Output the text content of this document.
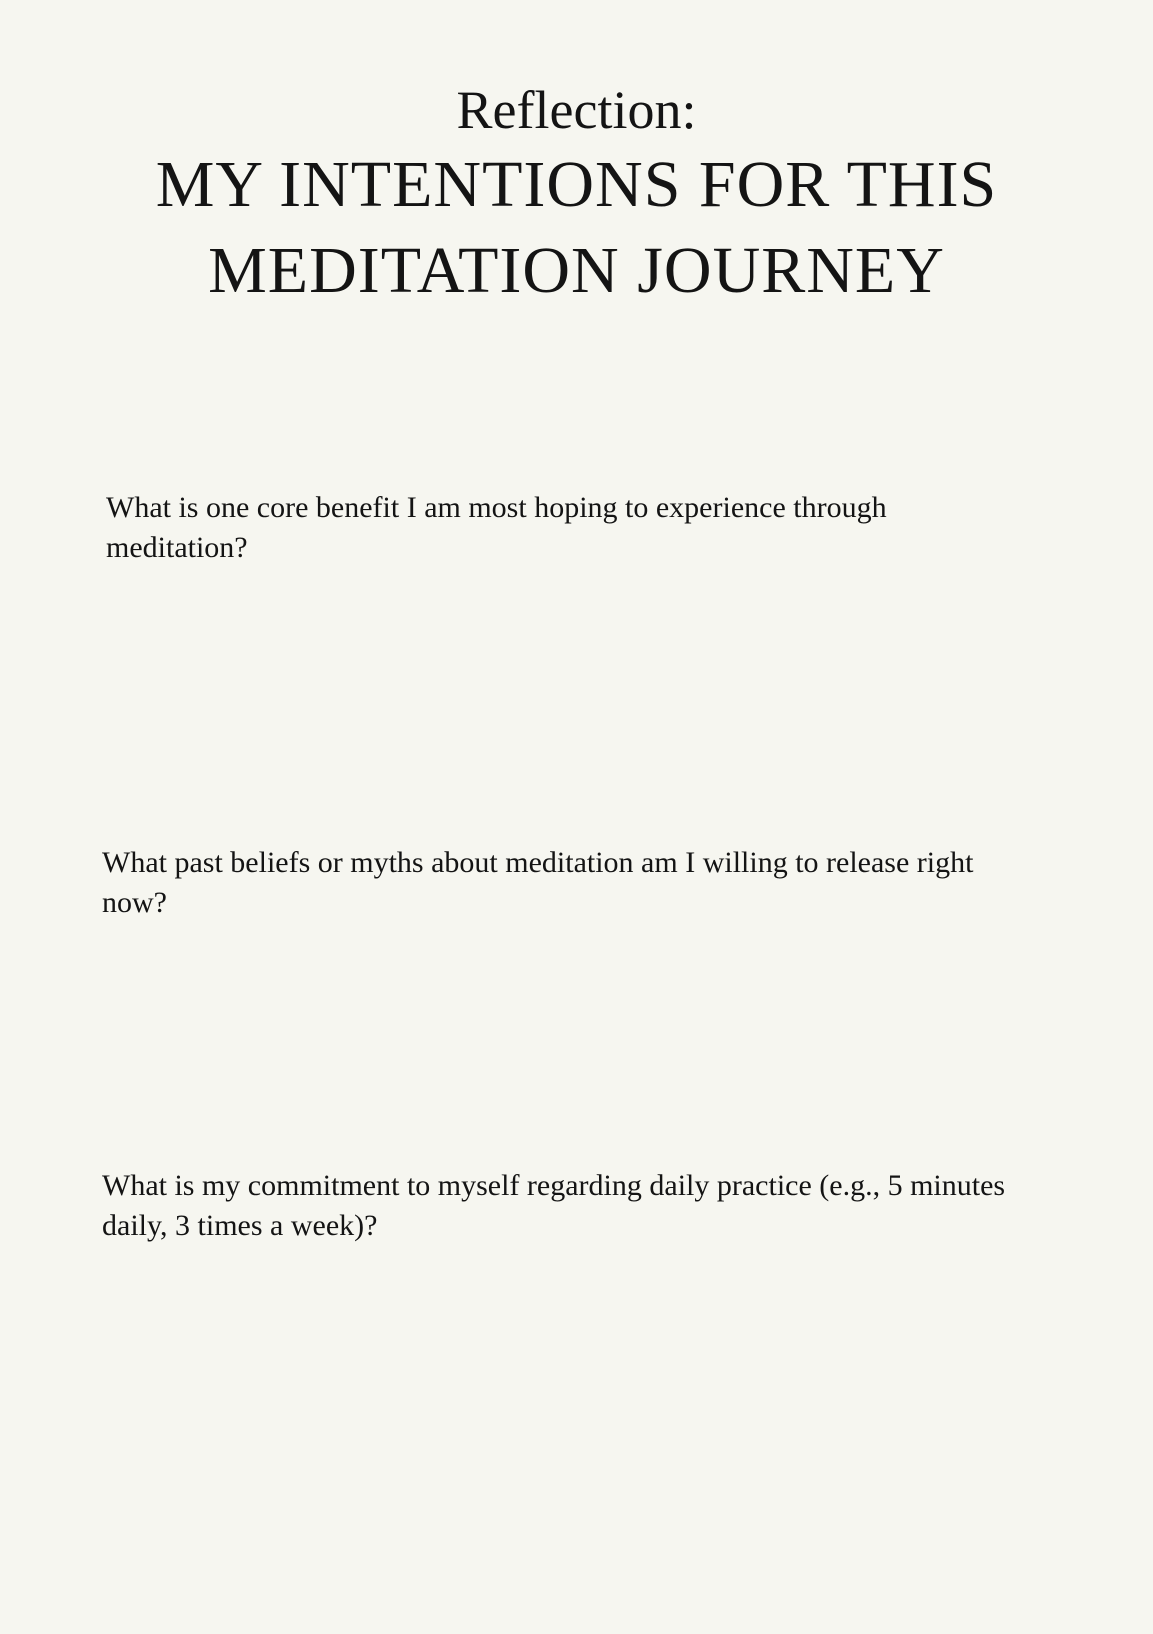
Reflection:

MY INTENTIONS FOR THIS
MEDITATION JOURNEY

What is one core benefit I am most hoping to experience through meditation?

What past beliefs or myths about meditation am I willing to release right now?

What is my commitment to myself regarding daily practice (e.g., 5 minutes daily, 3 times a week)?
